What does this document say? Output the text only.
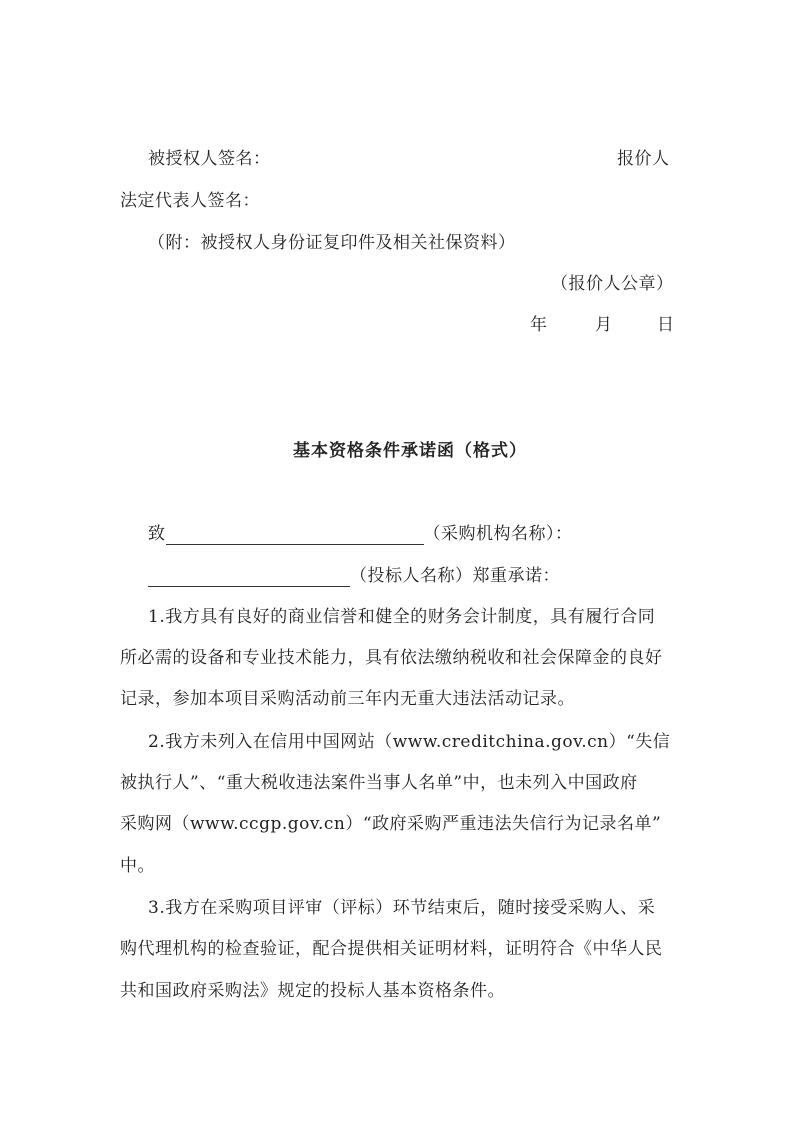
被授权人签名：	报价人
法定代表人签名：
（附：被授权人身份证复印件及相关社保资料）
（报价人公章）
年	月	日
基本资格条件承诺函（格式）
致	（采购机构名称）：
（投标人名称）郑重承诺：
1.我方具有良好的商业信誉和健全的财务会计制度，具有履行合同
所必需的设备和专业技术能力，具有依法缴纳税收和社会保障金的良好
记录，参加本项目采购活动前三年内无重大违法活动记录。
2.我方未列入在信用中国网站（www.creditchina.gov.cn）“失信
被执行人”、“重大税收违法案件当事人名单”中，也未列入中国政府
采购网（www.ccgp.gov.cn）“政府采购严重违法失信行为记录名单”
中。
3.我方在采购项目评审（评标）环节结束后，随时接受采购人、采
购代理机构的检查验证，配合提供相关证明材料，证明符合《中华人民
共和国政府采购法》规定的投标人基本资格条件。
